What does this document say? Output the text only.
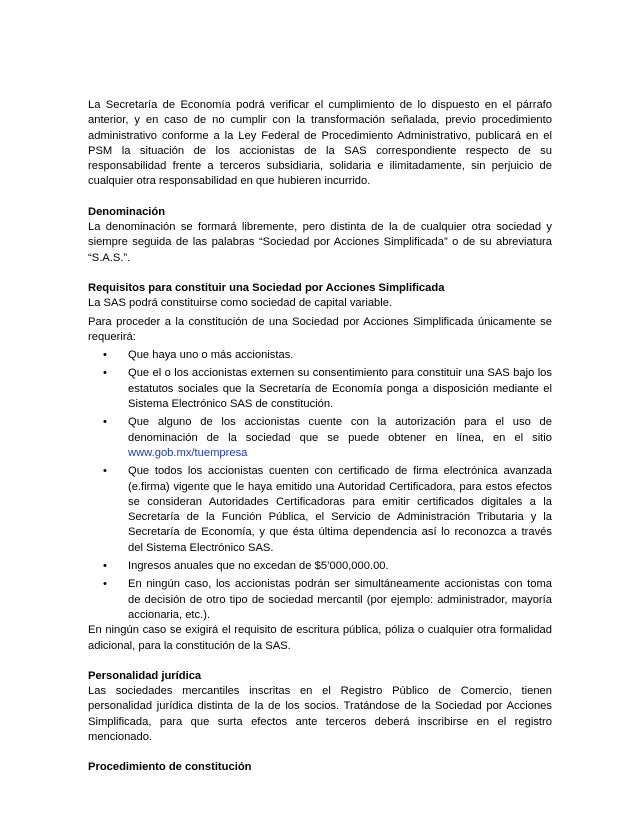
La Secretaría de Economía podrá verificar el cumplimiento de lo dispuesto en el párrafo anterior, y en caso de no cumplir con la transformación señalada, previo procedimiento administrativo conforme a la Ley Federal de Procedimiento Administrativo, publicará en el PSM la situación de los accionistas de la SAS correspondiente respecto de su responsabilidad frente a terceros subsidiaria, solidaria e ilimitadamente, sin perjuicio de cualquier otra responsabilidad en que hubieren incurrido.

Denominación

La denominación se formará libremente, pero distinta de la de cualquier otra sociedad y siempre seguida de las palabras “Sociedad por Acciones Simplificada” o de su abreviatura “S.A.S.”.

Requisitos para constituir una Sociedad por Acciones Simplificada

La SAS podrá constituirse como sociedad de capital variable.

Para proceder a la constitución de una Sociedad por Acciones Simplificada únicamente se requerirá:

• Que haya uno o más accionistas.
• Que el o los accionistas externen su consentimiento para constituir una SAS bajo los estatutos sociales que la Secretaría de Economía ponga a disposición mediante el Sistema Electrónico SAS de constitución.
• Que alguno de los accionistas cuente con la autorización para el uso de denominación de la sociedad que se puede obtener en línea, en el sitio www.gob.mx/tuempresa
• Que todos los accionistas cuenten con certificado de firma electrónica avanzada (e.firma) vigente que le haya emitido una Autoridad Certificadora, para estos efectos se consideran Autoridades Certificadoras para emitir certificados digitales a la Secretaría de la Función Pública, el Servicio de Administración Tributaria y la Secretaría de Economía, y que ésta última dependencia así lo reconozca a través del Sistema Electrónico SAS.
• Ingresos anuales que no excedan de $5’000,000.00.
• En ningún caso, los accionistas podrán ser simultáneamente accionistas con toma de decisión de otro tipo de sociedad mercantil (por ejemplo: administrador, mayoría accionaria, etc.).

En ningún caso se exigirá el requisito de escritura pública, póliza o cualquier otra formalidad adicional, para la constitución de la SAS.

Personalidad jurídica

Las sociedades mercantiles inscritas en el Registro Público de Comercio, tienen personalidad jurídica distinta de la de los socios. Tratándose de la Sociedad por Acciones Simplificada, para que surta efectos ante terceros deberá inscribirse en el registro mencionado.

Procedimiento de constitución
